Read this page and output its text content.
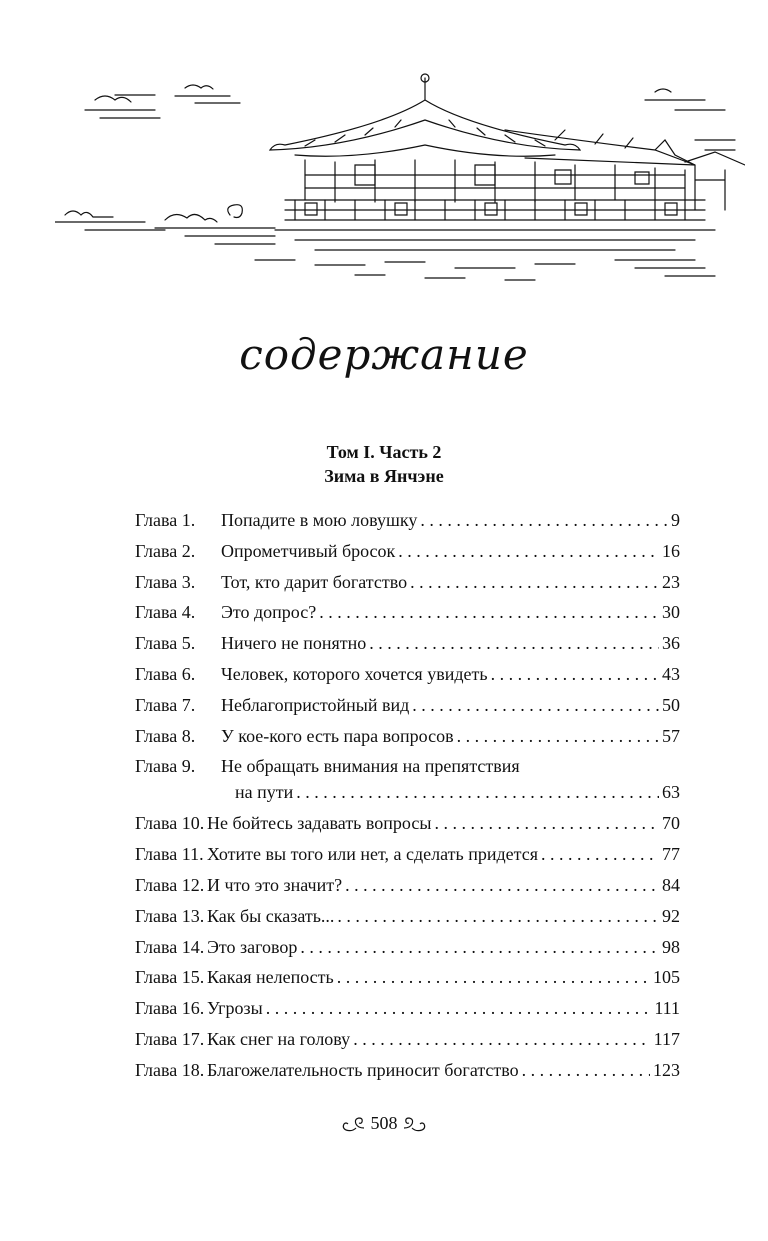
содержание
Том I. Часть 2
Зима в Янчэне
Глава 1. Попадите в мою ловушку . . .	9
Глава 2. Опрометчивый бросок . . .	16
Глава 3. Тот, кто дарит богатство . . .	23
Глава 4. Это допрос? . . .	30
Глава 5. Ничего не понятно . . .	36
Глава 6. Человек, которого хочется увидеть . . .	43
Глава 7. Неблагопристойный вид . . .	50
Глава 8. У кое-кого есть пара вопросов . . .	57
Глава 9. Не обращать внимания на препятствия
на пути . . .	63
Глава 10. Не бойтесь задавать вопросы . . .	70
Глава 11. Хотите вы того или нет, а сделать придется . . .	77
Глава 12. И что это значит? . . .	84
Глава 13. Как бы сказать... . . .	92
Глава 14. Это заговор . . .	98
Глава 15. Какая нелепость . . .	105
Глава 16. Угрозы . . .	111
Глава 17. Как снег на голову . . .	117
Глава 18. Благожелательность приносит богатство . . .	123
508
